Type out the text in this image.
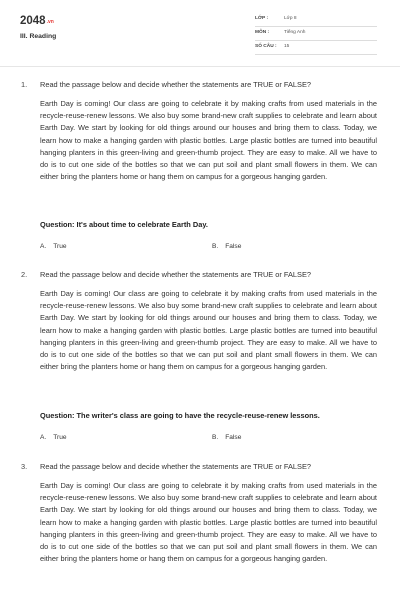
2048.vn
III. Reading
LỚP :	Lớp 8
MÔN :	Tiếng Anh
SỐ CÂU : 15
1. Read the passage below and decide whether the statements are TRUE or FALSE?
Earth Day is coming! Our class are going to celebrate it by making crafts from used materials in the recycle-reuse-renew lessons. We also buy some brand-new craft supplies to celebrate and learn about Earth Day. We start by looking for old things around our houses and bring them to class. Today, we learn how to make a hanging garden with plastic bottles. Large plastic bottles are turned into beautiful hanging planters in this green-living and green-thumb project. They are easy to make. All we have to do is to cut one side of the bottles so that we can put soil and plant small flowers in them. We can either bring the planters home or hang them on campus for a gorgeous hanging garden.
Question: It's about time to celebrate Earth Day.
A. True	B. False
2. Read the passage below and decide whether the statements are TRUE or FALSE?
Earth Day is coming! Our class are going to celebrate it by making crafts from used materials in the recycle-reuse-renew lessons. We also buy some brand-new craft supplies to celebrate and learn about Earth Day. We start by looking for old things around our houses and bring them to class. Today, we learn how to make a hanging garden with plastic bottles. Large plastic bottles are turned into beautiful hanging planters in this green-living and green-thumb project. They are easy to make. All we have to do is to cut one side of the bottles so that we can put soil and plant small flowers in them. We can either bring the planters home or hang them on campus for a gorgeous hanging garden.
Question: The writer's class are going to have the recycle-reuse-renew lessons.
A. True	B. False
3. Read the passage below and decide whether the statements are TRUE or FALSE?
Earth Day is coming! Our class are going to celebrate it by making crafts from used materials in the recycle-reuse-renew lessons. We also buy some brand-new craft supplies to celebrate and learn about Earth Day. We start by looking for old things around our houses and bring them to class. Today, we learn how to make a hanging garden with plastic bottles. Large plastic bottles are turned into beautiful hanging planters in this green-living and green-thumb project. They are easy to make. All we have to do is to cut one side of the bottles so that we can put soil and plant small flowers in them. We can either bring the planters home or hang them on campus for a gorgeous hanging garden.
